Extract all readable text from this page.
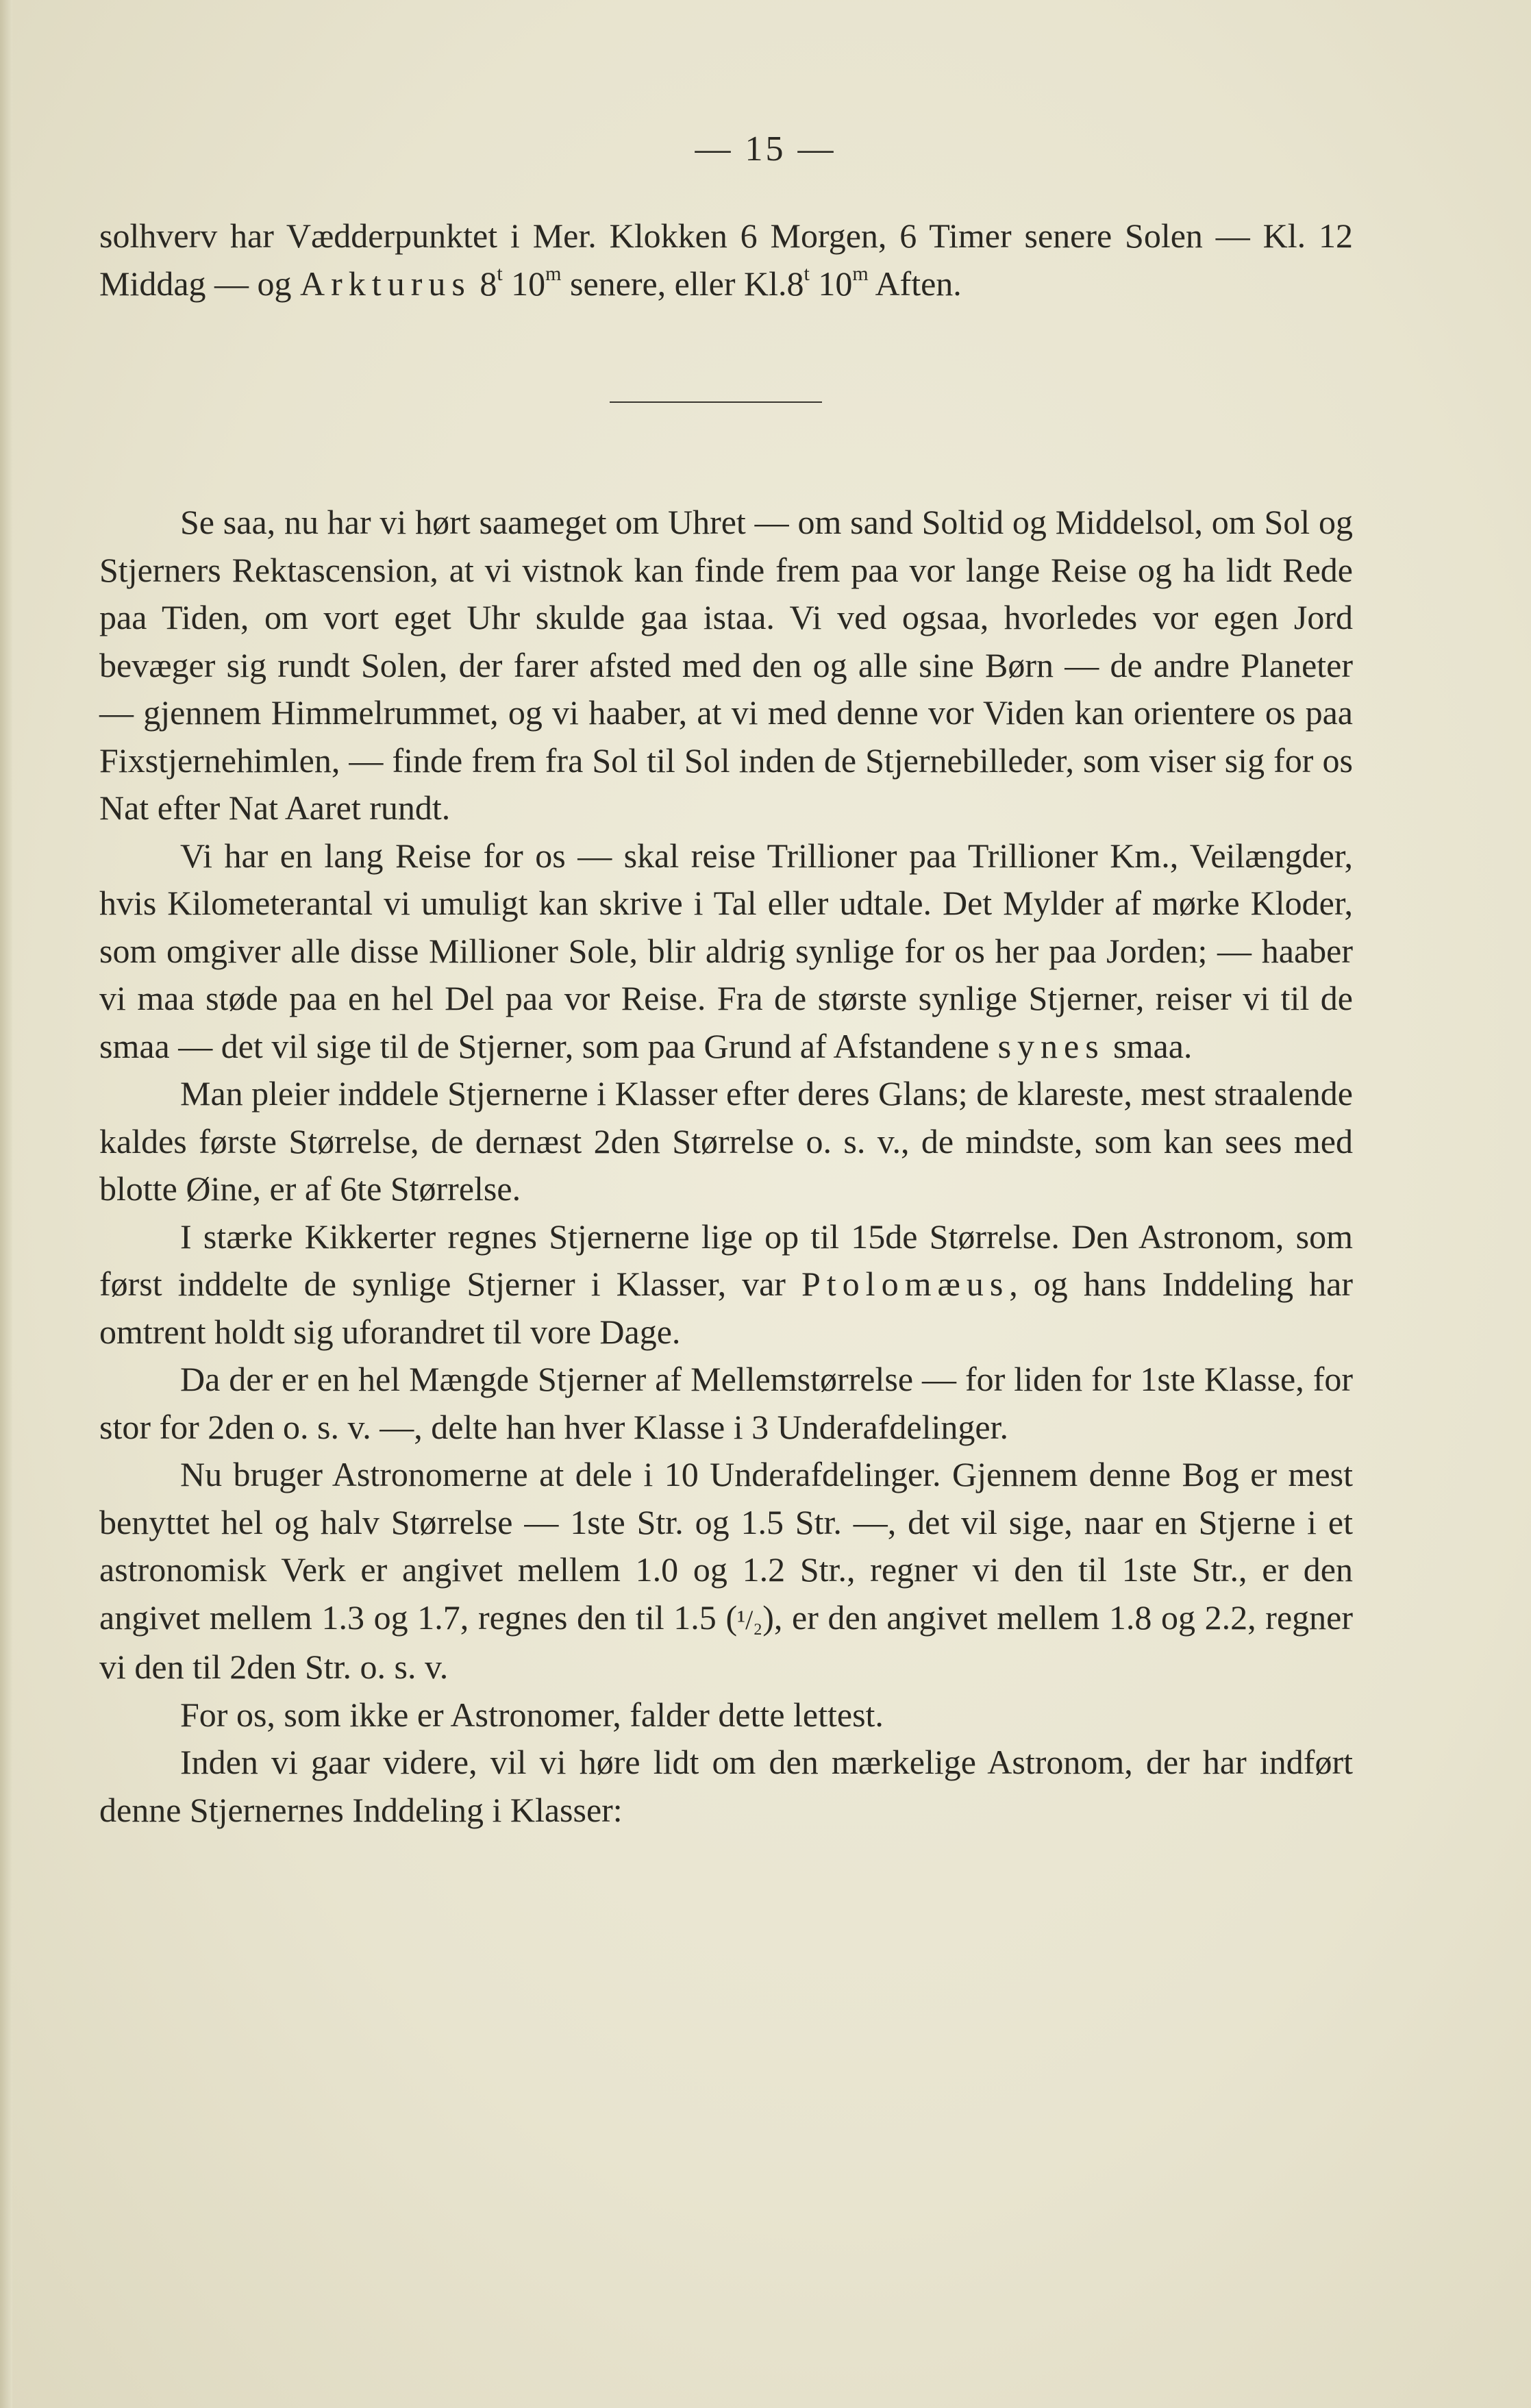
— 15 —

solhverv har Vædderpunktet i Mer. Klokken 6 Morgen, 6 Timer senere Solen — Kl. 12 Middag — og Arkturus 8$^t$ 10$^m$ senere, eller Kl.8$^t$ 10$^m$ Aften.

Se saa, nu har vi hørt saameget om Uhret — om sand Soltid og Middelsol, om Sol og Stjerners Rektascension, at vi vistnok kan finde frem paa vor lange Reise og ha lidt Rede paa Tiden, om vort eget Uhr skulde gaa istaa. Vi ved ogsaa, hvorledes vor egen Jord bevæger sig rundt Solen, der farer afsted med den og alle sine Børn — de andre Planeter — gjennem Himmelrummet, og vi haaber, at vi med denne vor Viden kan orientere os paa Fixstjernehimlen, — finde frem fra Sol til Sol inden de Stjernebilleder, som viser sig for os Nat efter Nat Aaret rundt.

Vi har en lang Reise for os — skal reise Trillioner paa Trillioner Km., Veilængder, hvis Kilometerantal vi umuligt kan skrive i Tal eller udtale. Det Mylder af mørke Kloder, som omgiver alle disse Millioner Sole, blir aldrig synlige for os her paa Jorden; — haaber vi maa støde paa en hel Del paa vor Reise. Fra de største synlige Stjerner, reiser vi til de smaa — det vil sige til de Stjerner, som paa Grund af Afstandene synes smaa.

Man pleier inddele Stjernerne i Klasser efter deres Glans; de klareste, mest straalende kaldes første Størrelse, de dernæst 2den Størrelse o. s. v., de mindste, som kan sees med blotte Øine, er af 6te Størrelse.

I stærke Kikkerter regnes Stjernerne lige op til 15de Størrelse. Den Astronom, som først inddelte de synlige Stjerner i Klasser, var Ptolomæus, og hans Inddeling har omtrent holdt sig uforandret til vore Dage.

Da der er en hel Mængde Stjerner af Mellemstørrelse — for liden for 1ste Klasse, for stor for 2den o. s. v. —, delte han hver Klasse i 3 Underafdelinger.

Nu bruger Astronomerne at dele i 10 Underafdelinger. Gjennem denne Bog er mest benyttet hel og halv Størrelse — 1ste Str. og 1.5 Str. —, det vil sige, naar en Stjerne i et astronomisk Verk er angivet mellem 1.0 og 1.2 Str., regner vi den til 1ste Str., er den angivet mellem 1.3 og 1.7, regnes den til 1.5 (¹/₂), er den angivet mellem 1.8 og 2.2, regner vi den til 2den Str. o. s. v.

For os, som ikke er Astronomer, falder dette lettest.

Inden vi gaar videre, vil vi høre lidt om den mærkelige Astronom, der har indført denne Stjernernes Inddeling i Klasser:
